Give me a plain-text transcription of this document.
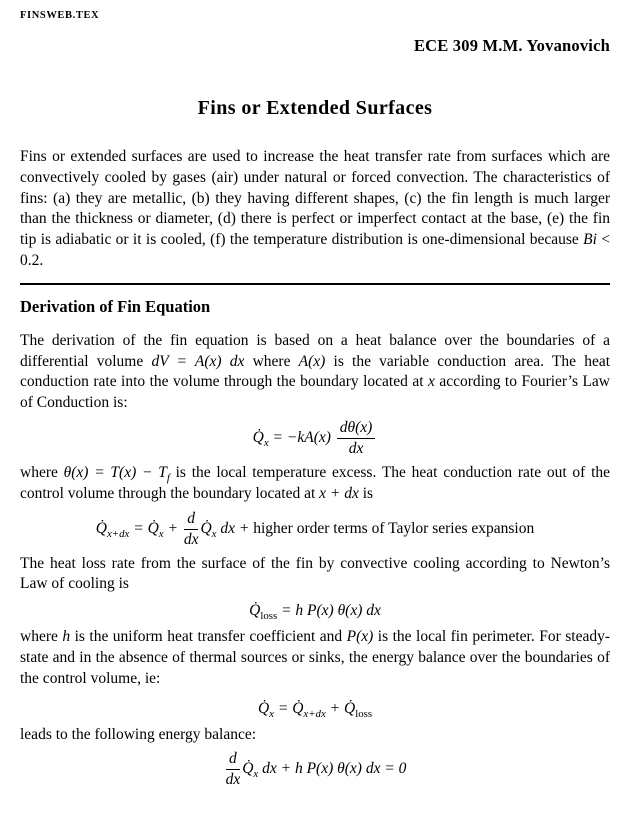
FINSWEB.TEX
ECE 309 M.M. Yovanovich
Fins or Extended Surfaces

Fins or extended surfaces are used to increase the heat transfer rate from surfaces which are convectively cooled by gases (air) under natural or forced convection. The characteristics of fins: (a) they are metallic, (b) they having different shapes, (c) the fin length is much larger than the thickness or diameter, (d) there is perfect or imperfect contact at the base, (e) the fin tip is adiabatic or it is cooled, (f) the temperature distribution is one-dimensional because Bi < 0.2.

Derivation of Fin Equation

The derivation of the fin equation is based on a heat balance over the boundaries of a differential volume dV = A(x) dx where A(x) is the variable conduction area. The heat conduction rate into the volume through the boundary located at x according to Fourier’s Law of Conduction is:

$Q̇_x = -kA(x) \frac{d\theta(x)}{dx}$

where $\theta(x) = T(x) - T_f$ is the local temperature excess. The heat conduction rate out of the control volume through the boundary located at x + dx is

$Q̇_{x+dx}$ = $Q̇_x + \frac{d}{dx}$ $Q̇_x$ dx + higher order terms of Taylor series expansion

The heat loss rate from the surface of the fin by convective cooling according to Newton’s Law of cooling is

$Q̇_{loss} = h$ P(x) θ(x) dx

where h is the uniform heat transfer coefficient and P(x) is the local fin perimeter. For steady-state and in the absence of thermal sources or sinks, the energy balance over the boundaries of the control volume, ie:

$Q̇_x$ = $Q̇_{x+dx}$ + $Q̇_{loss}$

leads to the following energy balance:

$\frac{d}{dx}$ $Q̇_x$ dx + h P(x) θ(x) dx = 0
